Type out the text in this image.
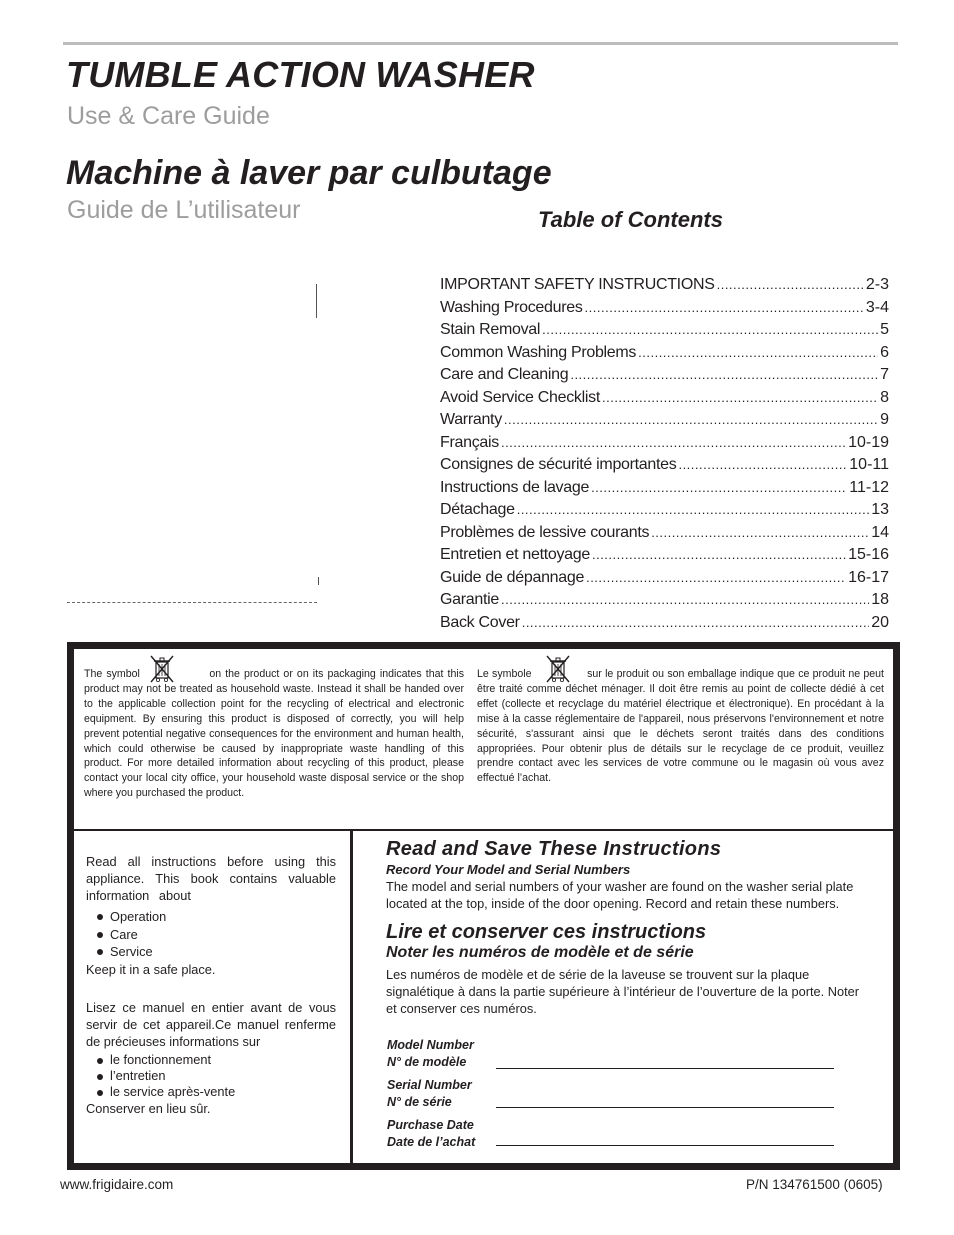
TUMBLE ACTION WASHER
Use & Care Guide
Machine à laver par culbutage
Guide de L’utilisateur	Table of Contents
IMPORTANT SAFETY INSTRUCTIONS .....	2-3
Washing Procedures .....	3-4
Stain Removal .....	5
Common Washing Problems .....	6
Care and Cleaning .....	7
Avoid Service Checklist .....	8
Warranty .....	9
Français .....	10-19
Consignes de sécurité importantes .....	10-11
Instructions de lavage .....	11-12
Détachage .....	13
Problèmes de lessive courants .....	14
Entretien et nettoyage .....	15-16
Guide de dépannage .....	16-17
Garantie .....	18
Back Cover .....	20

The symbol                 on the product or on its packaging indicates that this product may not be treated as household waste. Instead it shall be handed over to the applicable collection point for the recycling of electrical and electronic equipment. By ensuring this product is disposed of correctly, you will help prevent potential negative consequences for the environment and human health, which could otherwise be caused by inappropriate waste handling of this product. For more detailed information about recycling of this product, please contact your local city office, your household waste disposal service or the shop where you purchased the product.

Le symbole                 sur le produit ou son emballage indique que ce produit ne peut être traité comme déchet ménager. Il doit être remis au point de collecte dédié à cet effet (collecte et recyclage du matériel électrique et électronique). En procédant à la mise à la casse réglementaire de l'appareil, nous préservons l'environnement et notre sécurité, s'assurant ainsi que le déchets seront traités dans des conditions appropriées. Pour obtenir plus de détails sur le recyclage de ce produit, veuillez prendre contact avec les services de votre commune ou le magasin où vous avez effectué l’achat.

Read all instructions before using this appliance. This book contains valuable information about

Operation
Care
Service

Keep it in a safe place.

Lisez ce manuel en entier avant de vous servir de cet appareil.Ce manuel renferme de précieuses informations sur

le fonctionnement
l’entretien
le service après-vente

Conserver en lieu sûr.

Read and Save These Instructions
Record Your Model and Serial Numbers

The model and serial numbers of your washer are found on the washer serial plate located at the top, inside of the door opening. Record and retain these numbers.

Lire et conserver ces instructions
Noter les numéros de modèle et de série

Les numéros de modèle et de série de la laveuse se trouvent sur la plaque signalétique à dans la partie supérieure à l’intérieur de l’ouverture de la porte. Noter et conserver ces numéros.

Model Number
N° de modèle
Serial Number
N° de série
Purchase Date
Date de l’achat
www.frigidaire.com	P/N 134761500 (0605)
